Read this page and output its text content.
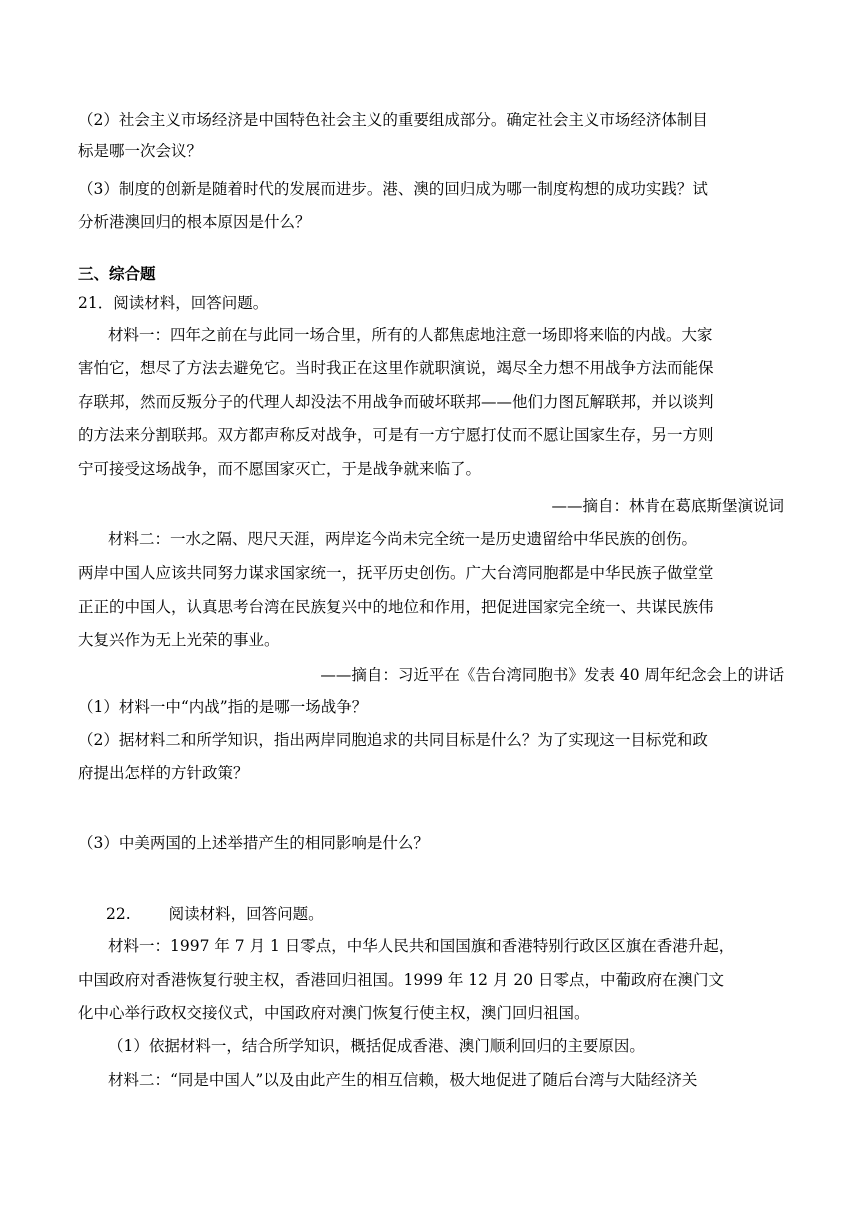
（2）社会主义市场经济是中国特色社会主义的重要组成部分。确定社会主义市场经济体制目
标是哪一次会议？
（3）制度的创新是随着时代的发展而进步。港、澳的回归成为哪一制度构想的成功实践？试
分析港澳回归的根本原因是什么？
三、综合题
21．阅读材料，回答问题。
材料一：四年之前在与此同一场合里，所有的人都焦虑地注意一场即将来临的内战。大家
害怕它，想尽了方法去避免它。当时我正在这里作就职演说，竭尽全力想不用战争方法而能保
存联邦，然而反叛分子的代理人却没法不用战争而破坏联邦——他们力图瓦解联邦，并以谈判
的方法来分割联邦。双方都声称反对战争，可是有一方宁愿打仗而不愿让国家生存，另一方则
宁可接受这场战争，而不愿国家灭亡，于是战争就来临了。
——摘自：林肯在葛底斯堡演说词
材料二：一水之隔、咫尺天涯，两岸迄今尚未完全统一是历史遗留给中华民族的创伤。
两岸中国人应该共同努力谋求国家统一，抚平历史创伤。广大台湾同胞都是中华民族子做堂堂
正正的中国人，认真思考台湾在民族复兴中的地位和作用，把促进国家完全统一、共谋民族伟
大复兴作为无上光荣的事业。
——摘自：习近平在《告台湾同胞书》发表 40 周年纪念会上的讲话
（1）材料一中“内战”指的是哪一场战争？
（2）据材料二和所学知识，指出两岸同胞追求的共同目标是什么？为了实现这一目标党和政
府提出怎样的方针政策？
（3）中美两国的上述举措产生的相同影响是什么？
22. 阅读材料，回答问题。
材料一：1997 年 7 月 1 日零点，中华人民共和国国旗和香港特别行政区区旗在香港升起，
中国政府对香港恢复行驶主权，香港回归祖国。1999 年 12 月 20 日零点，中葡政府在澳门文
化中心举行政权交接仪式，中国政府对澳门恢复行使主权，澳门回归祖国。
（1）依据材料一，结合所学知识，概括促成香港、澳门顺利回归的主要原因。
材料二：“同是中国人”以及由此产生的相互信赖，极大地促进了随后台湾与大陆经济关
